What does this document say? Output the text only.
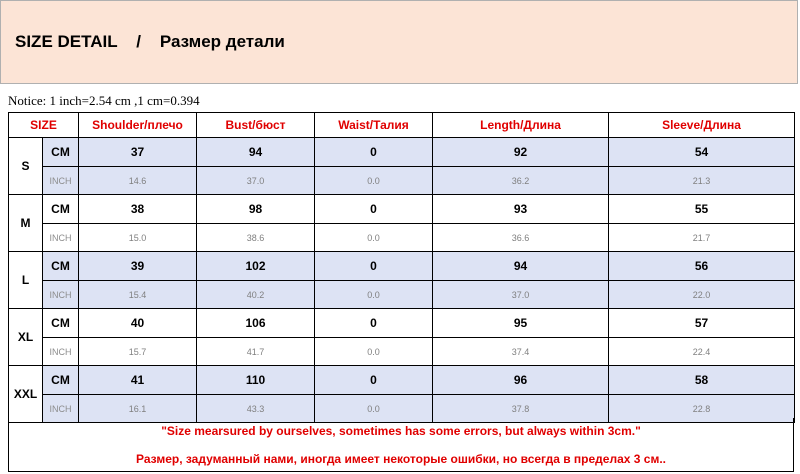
SIZE DETAIL    /    Размер детали
Notice: 1 inch=2.54 cm ,1 cm=0.394
SIZE		Shoulder/плечо	Bust/бюст	Waist/Талия	Length/Длина	Sleeve/Длина
S	CM	37	94	0	92	54
	INCH	14.6	37.0	0.0	36.2	21.3
M	CM	38	98	0	93	55
	INCH	15.0	38.6	0.0	36.6	21.7
L	CM	39	102	0	94	56
	INCH	15.4	40.2	0.0	37.0	22.0
XL	CM	40	106	0	95	57
	INCH	15.7	41.7	0.0	37.4	22.4
XXL	CM	41	110	0	96	58
	INCH	16.1	43.3	0.0	37.8	22.8
"Size mearsured by ourselves, sometimes has some errors, but always within 3cm."
Размер, задуманный нами, иногда имеет некоторые ошибки, но всегда в пределах 3 см..
